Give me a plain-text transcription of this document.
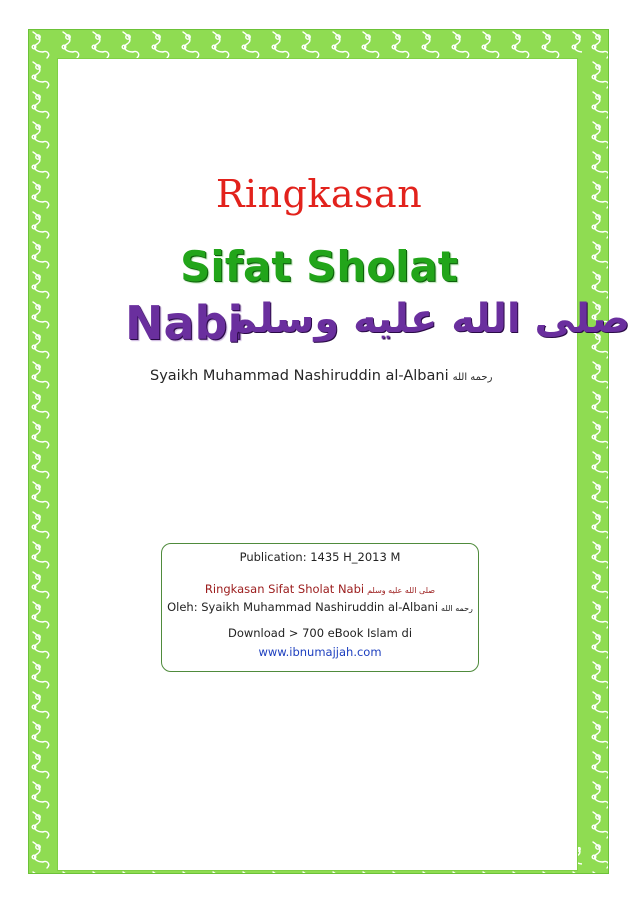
Ringkasan
Sifat Sholat
Nabi
صلى الله عليه وسلم
Syaikh Muhammad Nashiruddin al-Albani رحمه الله
Publication: 1435 H_2013 M
Ringkasan Sifat Sholat Nabi صلى الله عليه وسلم
Oleh: Syaikh Muhammad Nashiruddin al-Albani رحمه الله
Download > 700 eBook Islam di
www.ibnumajjah.com
